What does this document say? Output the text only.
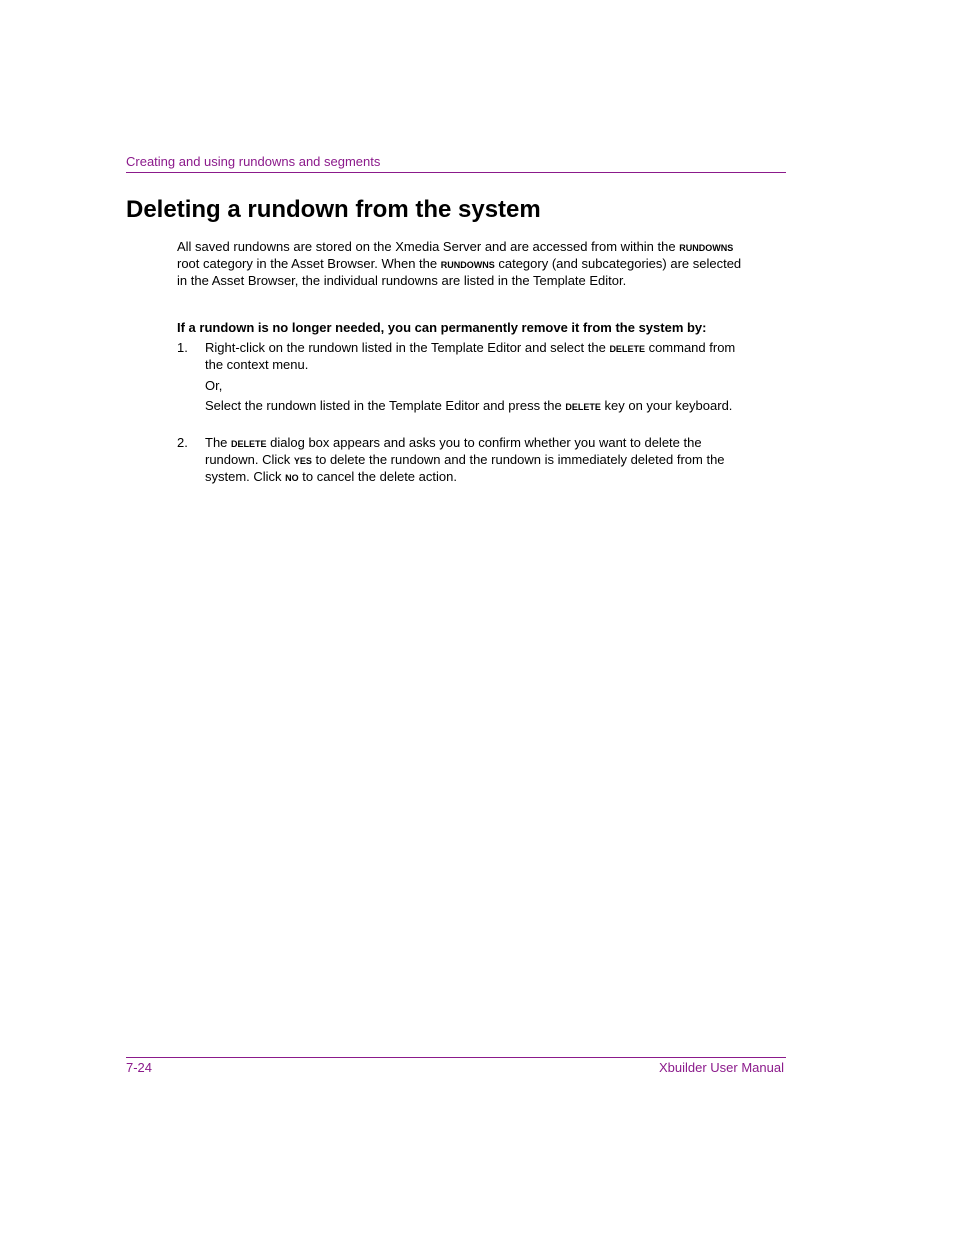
Creating and using rundowns and segments
Deleting a rundown from the system
All saved rundowns are stored on the Xmedia Server and are accessed from within the rundowns root category in the Asset Browser. When the rundowns category (and subcategories) are selected in the Asset Browser, the individual rundowns are listed in the Template Editor.
If a rundown is no longer needed, you can permanently remove it from the system by:
1. Right-click on the rundown listed in the Template Editor and select the delete command from the context menu.
Or,
Select the rundown listed in the Template Editor and press the delete key on your keyboard.
2. The delete dialog box appears and asks you to confirm whether you want to delete the rundown. Click yes to delete the rundown and the rundown is immediately deleted from the system. Click no to cancel the delete action.
7-24	Xbuilder User Manual
